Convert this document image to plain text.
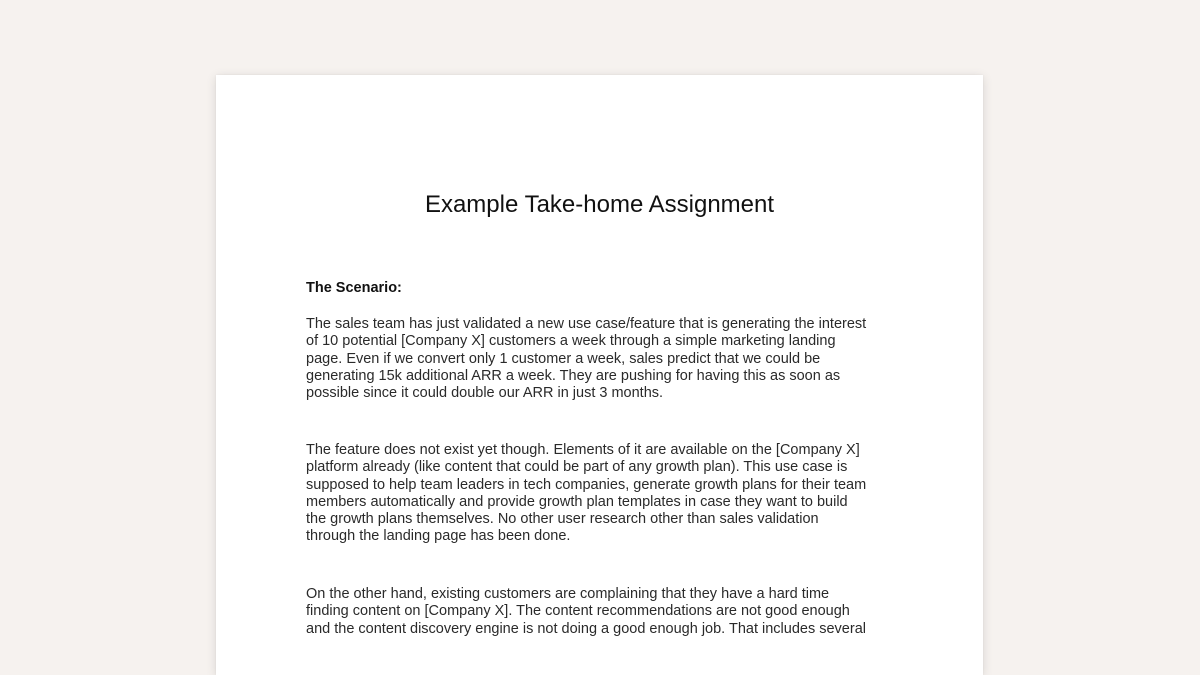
Example Take-home Assignment

The Scenario:

The sales team has just validated a new use case/feature that is generating the interest
of 10 potential [Company X] customers a week through a simple marketing landing
page. Even if we convert only 1 customer a week, sales predict that we could be
generating 15k additional ARR a week. They are pushing for having this as soon as
possible since it could double our ARR in just 3 months.

The feature does not exist yet though. Elements of it are available on the [Company X]
platform already (like content that could be part of any growth plan). This use case is
supposed to help team leaders in tech companies, generate growth plans for their team
members automatically and provide growth plan templates in case they want to build
the growth plans themselves. No other user research other than sales validation
through the landing page has been done.

On the other hand, existing customers are complaining that they have a hard time
finding content on [Company X]. The content recommendations are not good enough
and the content discovery engine is not doing a good enough job. That includes several
